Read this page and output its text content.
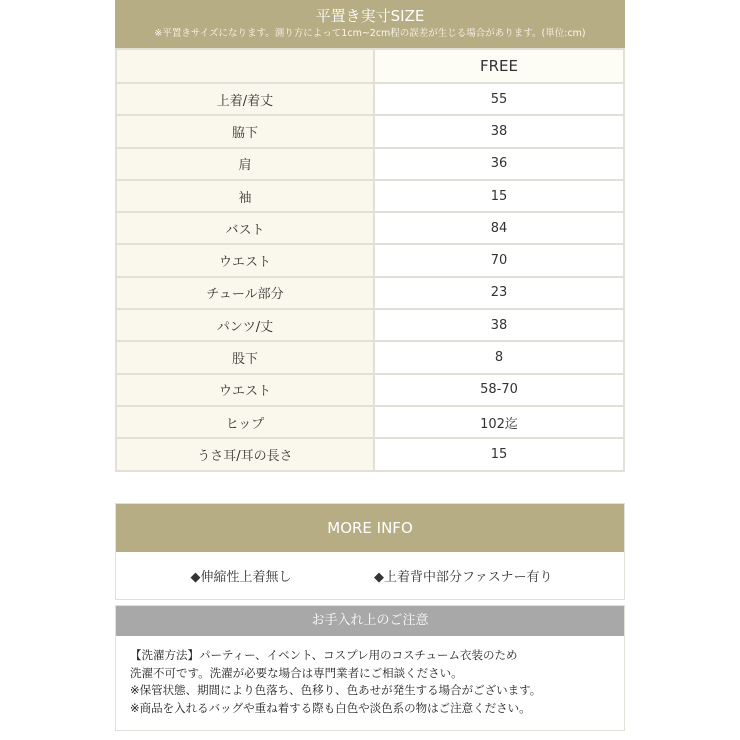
平置き実寸SIZE
※平置きサイズになります。測り方によって1cm~2cm程の誤差が生じる場合があります。(単位:cm)
	FREE
上着/着丈	55
脇下	38
肩	36
袖	15
バスト	84
ウエスト	70
チュール部分	23
パンツ/丈	38
股下	8
ウエスト	58-70
ヒップ	102迄
うさ耳/耳の長さ	15
MORE INFO
◆伸縮性上着無し	◆上着背中部分ファスナー有り
お手入れ上のご注意
【洗濯方法】パーティー、イベント、コスプレ用のコスチューム衣装のため
洗濯不可です。洗濯が必要な場合は専門業者にご相談ください。
※保管状態、期間により色落ち、色移り、色あせが発生する場合がございます。
※商品を入れるバッグや重ね着する際も白色や淡色系の物はご注意ください。
